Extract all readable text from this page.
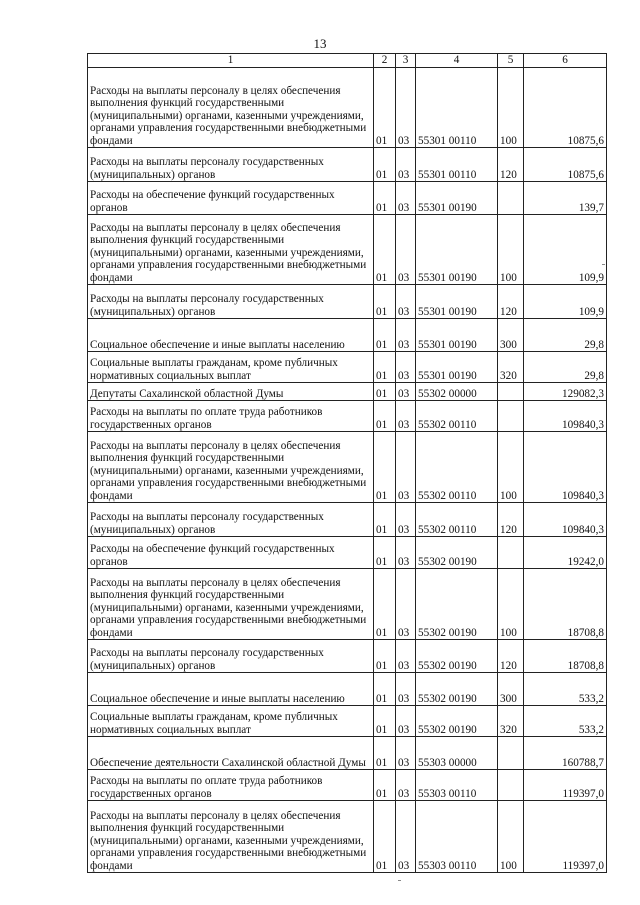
13
1	2	3	4	5	6
Расходы на выплаты персоналу в целях обеспечения выполнения функций государственными (муниципальными) органами, казенными учреждениями, органами управления государственными внебюджетными фондами	01	03	55301 00110	100	10875,6
Расходы на выплаты персоналу государственных (муниципальных) органов	01	03	55301 00110	120	10875,6
Расходы на обеспечение функций государственных органов	01	03	55301 00190		139,7
Расходы на выплаты персоналу в целях обеспечения выполнения функций государственными (муниципальными) органами, казенными учреждениями, органами управления государственными внебюджетными фондами	01	03	55301 00190	100	109,9
Расходы на выплаты персоналу государственных (муниципальных) органов	01	03	55301 00190	120	109,9
Социальное обеспечение и иные выплаты населению	01	03	55301 00190	300	29,8
Социальные выплаты гражданам, кроме публичных нормативных социальных выплат	01	03	55301 00190	320	29,8
Депутаты Сахалинской областной Думы	01	03	55302 00000		129082,3
Расходы на выплаты по оплате труда работников государственных органов	01	03	55302 00110		109840,3
Расходы на выплаты персоналу в целях обеспечения выполнения функций государственными (муниципальными) органами, казенными учреждениями, органами управления государственными внебюджетными фондами	01	03	55302 00110	100	109840,3
Расходы на выплаты персоналу государственных (муниципальных) органов	01	03	55302 00110	120	109840,3
Расходы на обеспечение функций государственных органов	01	03	55302 00190		19242,0
Расходы на выплаты персоналу в целях обеспечения выполнения функций государственными (муниципальными) органами, казенными учреждениями, органами управления государственными внебюджетными фондами	01	03	55302 00190	100	18708,8
Расходы на выплаты персоналу государственных (муниципальных) органов	01	03	55302 00190	120	18708,8
Социальное обеспечение и иные выплаты населению	01	03	55302 00190	300	533,2
Социальные выплаты гражданам, кроме публичных нормативных социальных выплат	01	03	55302 00190	320	533,2
Обеспечение деятельности Сахалинской областной Думы	01	03	55303 00000		160788,7
Расходы на выплаты по оплате труда работников государственных органов	01	03	55303 00110		119397,0
Расходы на выплаты персоналу в целях обеспечения выполнения функций государственными (муниципальными) органами, казенными учреждениями, органами управления государственными внебюджетными фондами	01	03	55303 00110	100	119397,0
